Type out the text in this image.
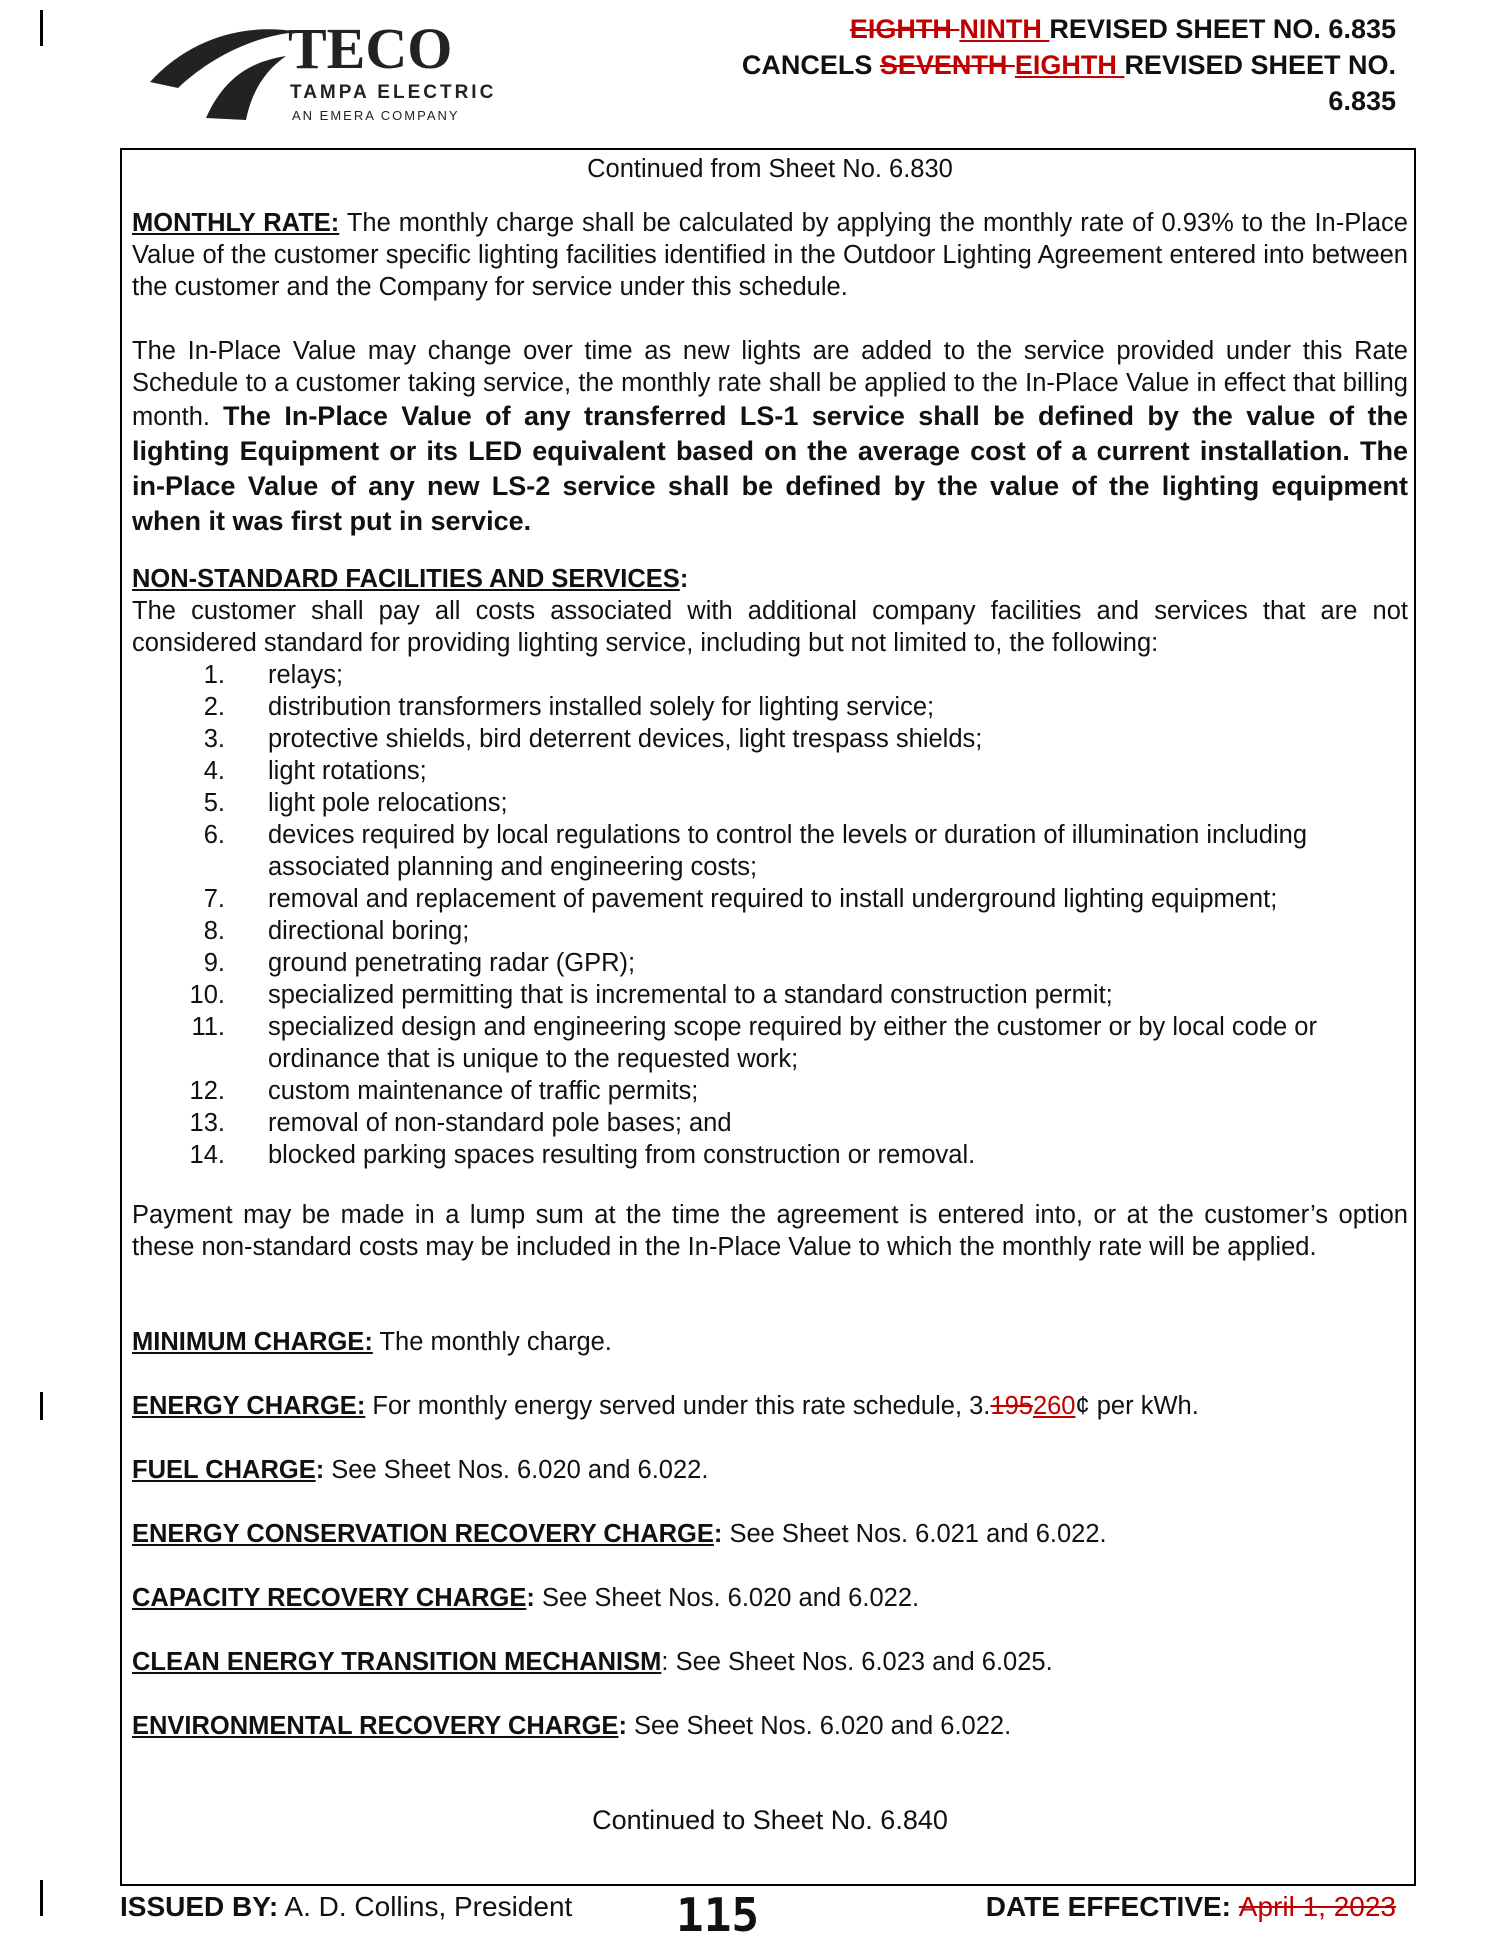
TECO
TAMPA ELECTRIC
AN EMERA COMPANY
EIGHTH NINTH REVISED SHEET NO. 6.835
CANCELS SEVENTH EIGHTH REVISED SHEET NO.
6.835
Continued from Sheet No. 6.830
MONTHLY RATE: The monthly charge shall be calculated by applying the monthly rate of 0.93% to the In-Place Value of the customer specific lighting facilities identified in the Outdoor Lighting Agreement entered into between the customer and the Company for service under this schedule.
The In-Place Value may change over time as new lights are added to the service provided under this Rate Schedule to a customer taking service, the monthly rate shall be applied to the In-Place Value in effect that billing month. The In-Place Value of any transferred LS-1 service shall be defined by the value of the lighting Equipment or its LED equivalent based on the average cost of a current installation. The in-Place Value of any new LS-2 service shall be defined by the value of the lighting equipment when it was first put in service.
NON-STANDARD FACILITIES AND SERVICES:
The customer shall pay all costs associated with additional company facilities and services that are not considered standard for providing lighting service, including but not limited to, the following:
1. relays;
2. distribution transformers installed solely for lighting service;
3. protective shields, bird deterrent devices, light trespass shields;
4. light rotations;
5. light pole relocations;
6. devices required by local regulations to control the levels or duration of illumination including associated planning and engineering costs;
7. removal and replacement of pavement required to install underground lighting equipment;
8. directional boring;
9. ground penetrating radar (GPR);
10. specialized permitting that is incremental to a standard construction permit;
11. specialized design and engineering scope required by either the customer or by local code or ordinance that is unique to the requested work;
12. custom maintenance of traffic permits;
13. removal of non-standard pole bases; and
14. blocked parking spaces resulting from construction or removal.
Payment may be made in a lump sum at the time the agreement is entered into, or at the customer’s option these non-standard costs may be included in the In-Place Value to which the monthly rate will be applied.
MINIMUM CHARGE: The monthly charge.
ENERGY CHARGE: For monthly energy served under this rate schedule, 3.195260¢ per kWh.
FUEL CHARGE: See Sheet Nos. 6.020 and 6.022.
ENERGY CONSERVATION RECOVERY CHARGE: See Sheet Nos. 6.021 and 6.022.
CAPACITY RECOVERY CHARGE: See Sheet Nos. 6.020 and 6.022.
CLEAN ENERGY TRANSITION MECHANISM: See Sheet Nos. 6.023 and 6.025.
ENVIRONMENTAL RECOVERY CHARGE: See Sheet Nos. 6.020 and 6.022.
Continued to Sheet No. 6.840
ISSUED BY: A. D. Collins, President 115	DATE EFFECTIVE: April 1, 2023
